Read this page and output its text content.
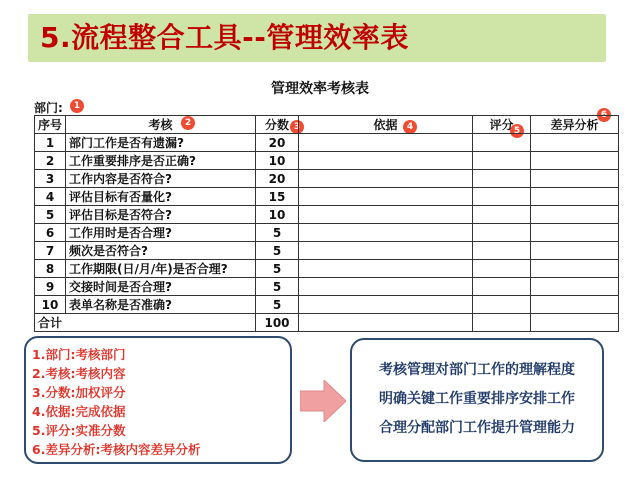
5.流程整合工具--管理效率表
管理效率考核表
部门:	1
2	3	4	5
6
序号	考核	分数	依据	评分	差异分析
1	部门工作是否有遗漏?	20			
2	工作重要排序是否正确?	10			
3	工作内容是否符合?	20			
4	评估目标有否量化?	15			
5	评估目标是否符合?	10			
6	工作用时是否合理?	5			
7	频次是否符合?	5			
8	工作期限(日/月/年)是否合理?	5			
9	交接时间是否合理?	5			
10	表单名称是否准确?	5			
合计		100			
1.部门:考核部门
2.考核:考核内容
3.分数:加权评分
4.依据:完成依据
5.评分:实准分数
6.差异分析:考核内容差异分析
考核管理对部门工作的理解程度
明确关键工作重要排序安排工作
合理分配部门工作提升管理能力
